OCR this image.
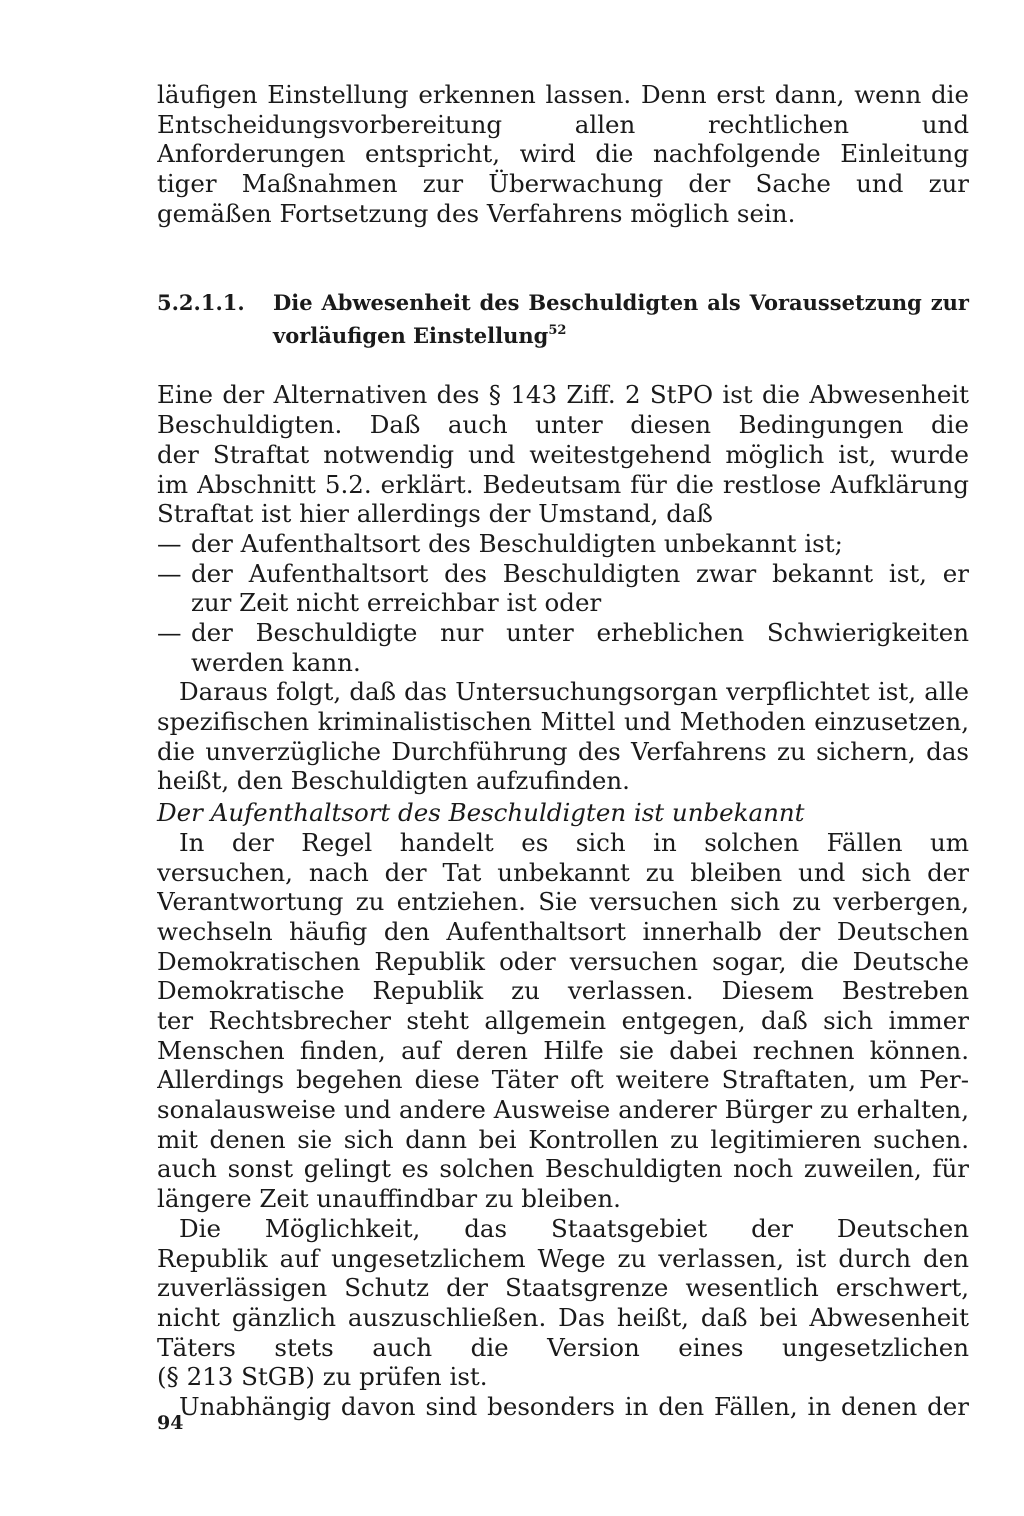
läufigen Einstellung erkennen lassen. Denn erst dann, wenn die
Entscheidungsvorbereitung allen rechtlichen und
Anforderungen entspricht, wird die nachfolgende Einleitung
tiger Maßnahmen zur Überwachung der Sache und zur
gemäßen Fortsetzung des Verfahrens möglich sein.
5.2.1.1.	Die Abwesenheit des Beschuldigten als Voraussetzung zur
vorläufigen Einstellung$^{52}$
Eine der Alternativen des § 143 Ziff. 2 StPO ist die Abwesenheit
Beschuldigten. Daß auch unter diesen Bedingungen die
der Straftat notwendig und weitestgehend möglich ist, wurde
im Abschnitt 5.2. erklärt. Bedeutsam für die restlose Aufklärung
Straftat ist hier allerdings der Umstand, daß
— der Aufenthaltsort des Beschuldigten unbekannt ist;
— der Aufenthaltsort des Beschuldigten zwar bekannt ist, er
zur Zeit nicht erreichbar ist oder
— der Beschuldigte nur unter erheblichen Schwierigkeiten
werden kann.
Daraus folgt, daß das Untersuchungsorgan verpflichtet ist, alle
spezifischen kriminalistischen Mittel und Methoden einzusetzen,
die unverzügliche Durchführung des Verfahrens zu sichern, das
heißt, den Beschuldigten aufzufinden.
Der Aufenthaltsort des Beschuldigten ist unbekannt
In der Regel handelt es sich in solchen Fällen um
versuchen, nach der Tat unbekannt zu bleiben und sich der
Verantwortung zu entziehen. Sie versuchen sich zu verbergen,
wechseln häufig den Aufenthaltsort innerhalb der Deutschen
Demokratischen Republik oder versuchen sogar, die Deutsche
Demokratische Republik zu verlassen. Diesem Bestreben
ter Rechtsbrecher steht allgemein entgegen, daß sich immer
Menschen finden, auf deren Hilfe sie dabei rechnen können.
Allerdings begehen diese Täter oft weitere Straftaten, um Per-
sonalausweise und andere Ausweise anderer Bürger zu erhalten,
mit denen sie sich dann bei Kontrollen zu legitimieren suchen.
auch sonst gelingt es solchen Beschuldigten noch zuweilen, für
längere Zeit unauffindbar zu bleiben.
Die Möglichkeit, das Staatsgebiet der Deutschen
Republik auf ungesetzlichem Wege zu verlassen, ist durch den
zuverlässigen Schutz der Staatsgrenze wesentlich erschwert,
nicht gänzlich auszuschließen. Das heißt, daß bei Abwesenheit
Täters stets auch die Version eines ungesetzlichen
(§ 213 StGB) zu prüfen ist.
Unabhängig davon sind besonders in den Fällen, in denen der
94
